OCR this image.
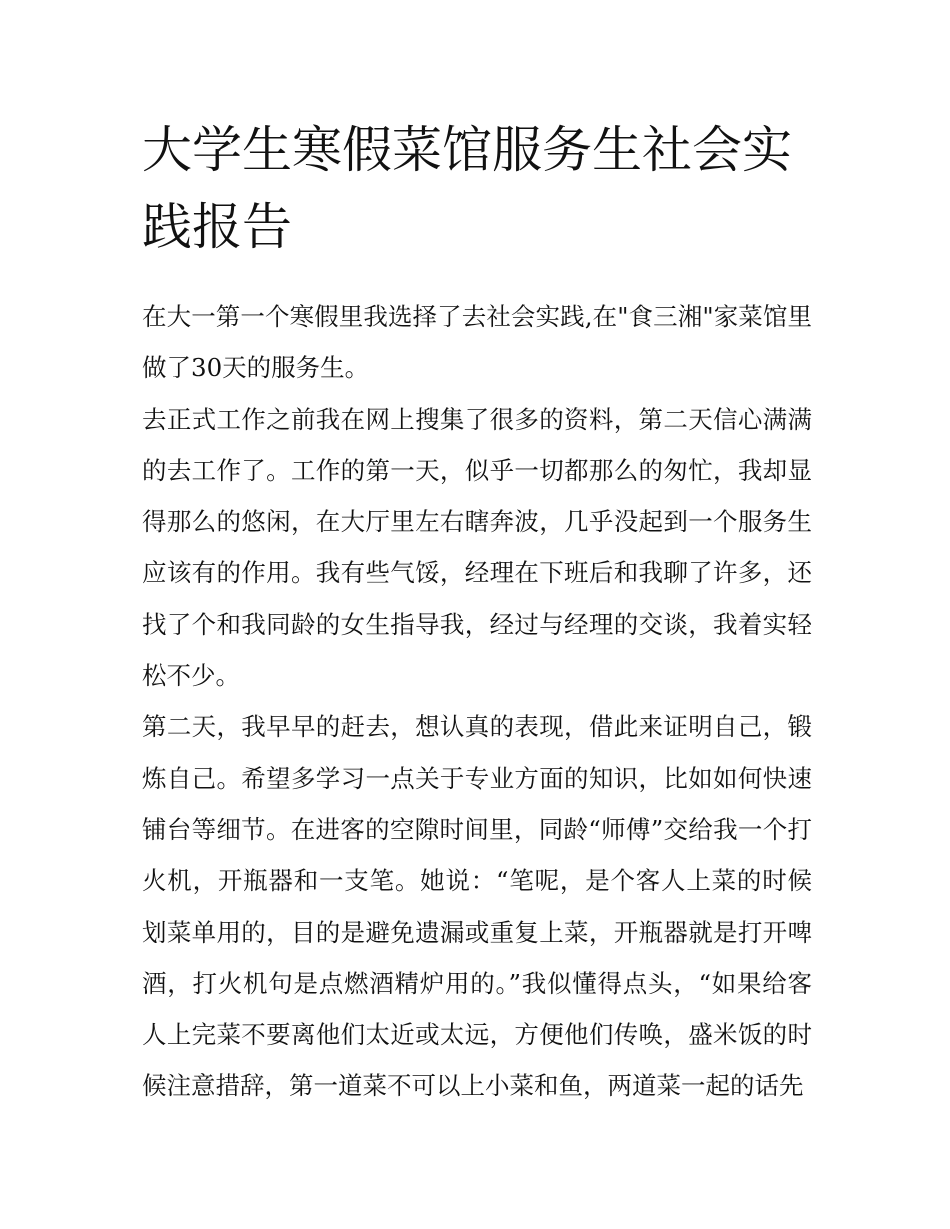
大学生寒假菜馆服务生社会实践报告

在大一第一个寒假里我选择了去社会实践,在"食三湘"家菜馆里做了30天的服务生。

去正式工作之前我在网上搜集了很多的资料，第二天信心满满的去工作了。工作的第一天，似乎一切都那么的匆忙，我却显得那么的悠闲，在大厅里左右瞎奔波，几乎没起到一个服务生应该有的作用。我有些气馁，经理在下班后和我聊了许多，还找了个和我同龄的女生指导我，经过与经理的交谈，我着实轻松不少。

第二天，我早早的赶去，想认真的表现，借此来证明自己，锻炼自己。希望多学习一点关于专业方面的知识，比如如何快速铺台等细节。在进客的空隙时间里，同龄“师傅”交给我一个打火机，开瓶器和一支笔。她说：“笔呢，是个客人上菜的时候划菜单用的，目的是避免遗漏或重复上菜，开瓶器就是打开啤酒，打火机句是点燃酒精炉用的。”我似懂得点头，“如果给客人上完菜不要离他们太近或太远，方便他们传唤，盛米饭的时候注意措辞，第一道菜不可以上小菜和鱼，两道菜一起的话先
